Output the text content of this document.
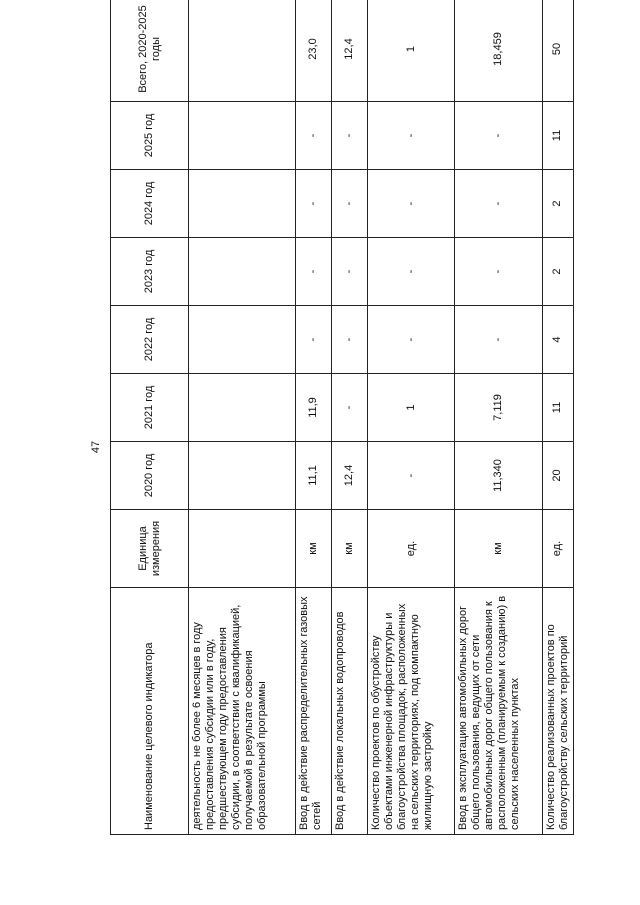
47
Наименование целевого индикатора	Единица измерения	2020 год	2021 год	2022 год	2023 год	2024 год	2025 год	Всего, 2020-2025 годы
деятельность не более 6 месяцев в году предоставления субсидии или в году, предшествующем году предоставления субсидии, в соответствии с квалификацией, получаемой в результате освоения образовательной программы								
Ввод в действие распределительных газовых сетей	км	11,1	11,9	-	-	-	-	23,0
Ввод в действие локальных водопроводов	км	12,4	-	-	-	-	-	12,4
Количество проектов по обустройству объектами инженерной инфраструктуры и благоустройства площадок, расположенных на сельских территориях, под компактную жилищную застройку	ед.	-	1	-	-	-	-	1
Ввод в эксплуатацию автомобильных дорог общего пользования, ведущих от сети автомобильных дорог общего пользования к расположенным (планируемым к созданию) в сельских населенных пунктах	км	11,340	7,119	-	-	-	-	18,459
Количество реализованных проектов по благоустройству сельских территорий	ед.	20	11	4	2	2	11	50
